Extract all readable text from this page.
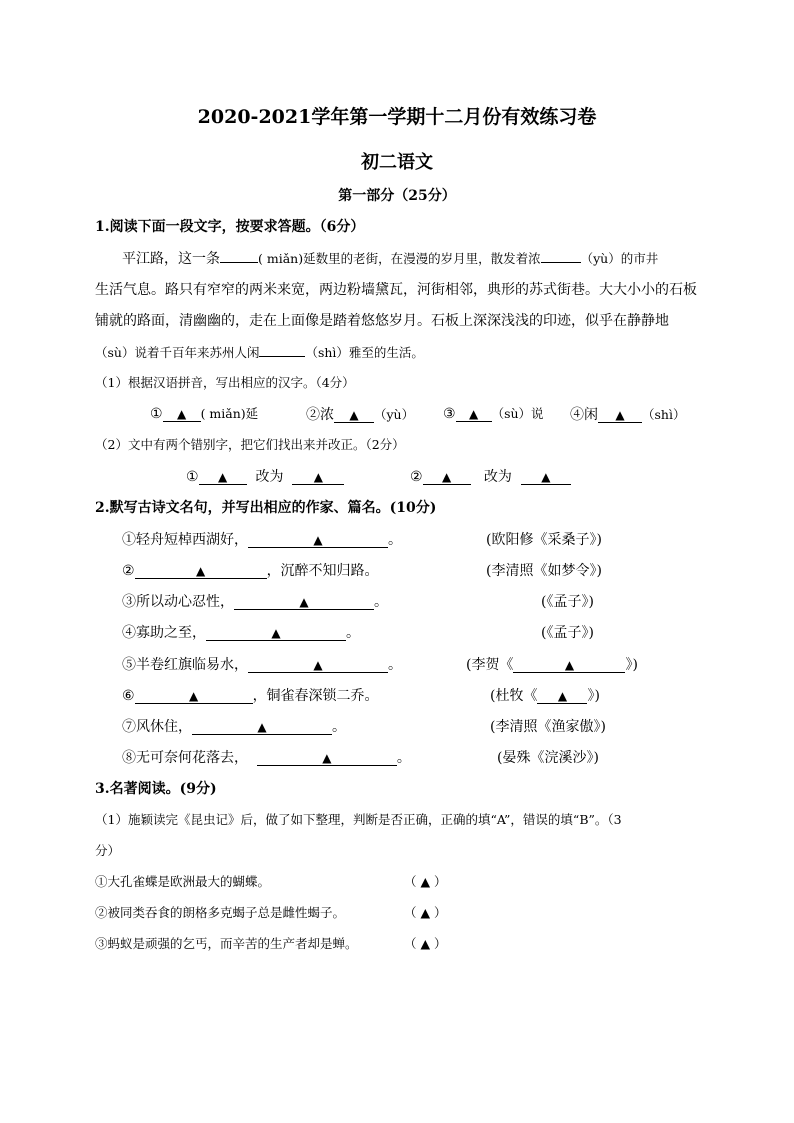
2020-2021学年第一学期十二月份有效练习卷
初二语文
第一部分（25分）
1.阅读下面一段文字，按要求答题。（6分）
平江路，这一条	( miǎn)延数里的老街，在漫漫的岁月里，散发着浓	（yù）的市井
生活气息。路只有窄窄的两米来宽，两边粉墙黛瓦，河街相邻，典形的苏式街巷。大大小小的石板
铺就的路面，清幽幽的，走在上面像是踏着悠悠岁月。石板上深深浅浅的印迹，似乎在静静地
（sù）说着千百年来苏州人闲	（shì）雅至的生活。
（1）根据汉语拼音，写出相应的汉字。（4分）
① ▲ ( miǎn)延	②浓 ▲ （yù） ③ ▲ （sù）说 ④闲 ▲ （shì）
（2）文中有两个错别字，把它们找出来并改正。（2分）
① ▲ 改为	▲	② ▲ 改为 ▲
2.默写古诗文名句，并写出相应的作家、篇名。(10分)
①轻舟短棹西湖好，	▲	。	(欧阳修《采桑子》)
②	▲	，沉醉不知归路。	(李清照《如梦令》)
③所以动心忍性，	▲	。	(《孟子》)
④寡助之至，	▲	。	(《孟子》)
⑤半卷红旗临易水，	▲	。	(李贺《	▲	》)
⑥	▲	，铜雀春深锁二乔。	(杜牧《 ▲ 》)
⑦风休住，	▲	。	(李清照《渔家傲》)
⑧无可奈何花落去，	▲	。	(晏殊《浣溪沙》)
3.名著阅读。(9分)
（1）施颖读完《昆虫记》后，做了如下整理，判断是否正确，正确的填“A”，错误的填“B”。（3
分）
①大孔雀蝶是欧洲最大的蝴蝶。	（ ▲ ）
②被同类吞食的朗格多克蝎子总是雌性蝎子。	（ ▲ ）
③蚂蚁是顽强的乞丐，而辛苦的生产者却是蝉。	（ ▲ ）
